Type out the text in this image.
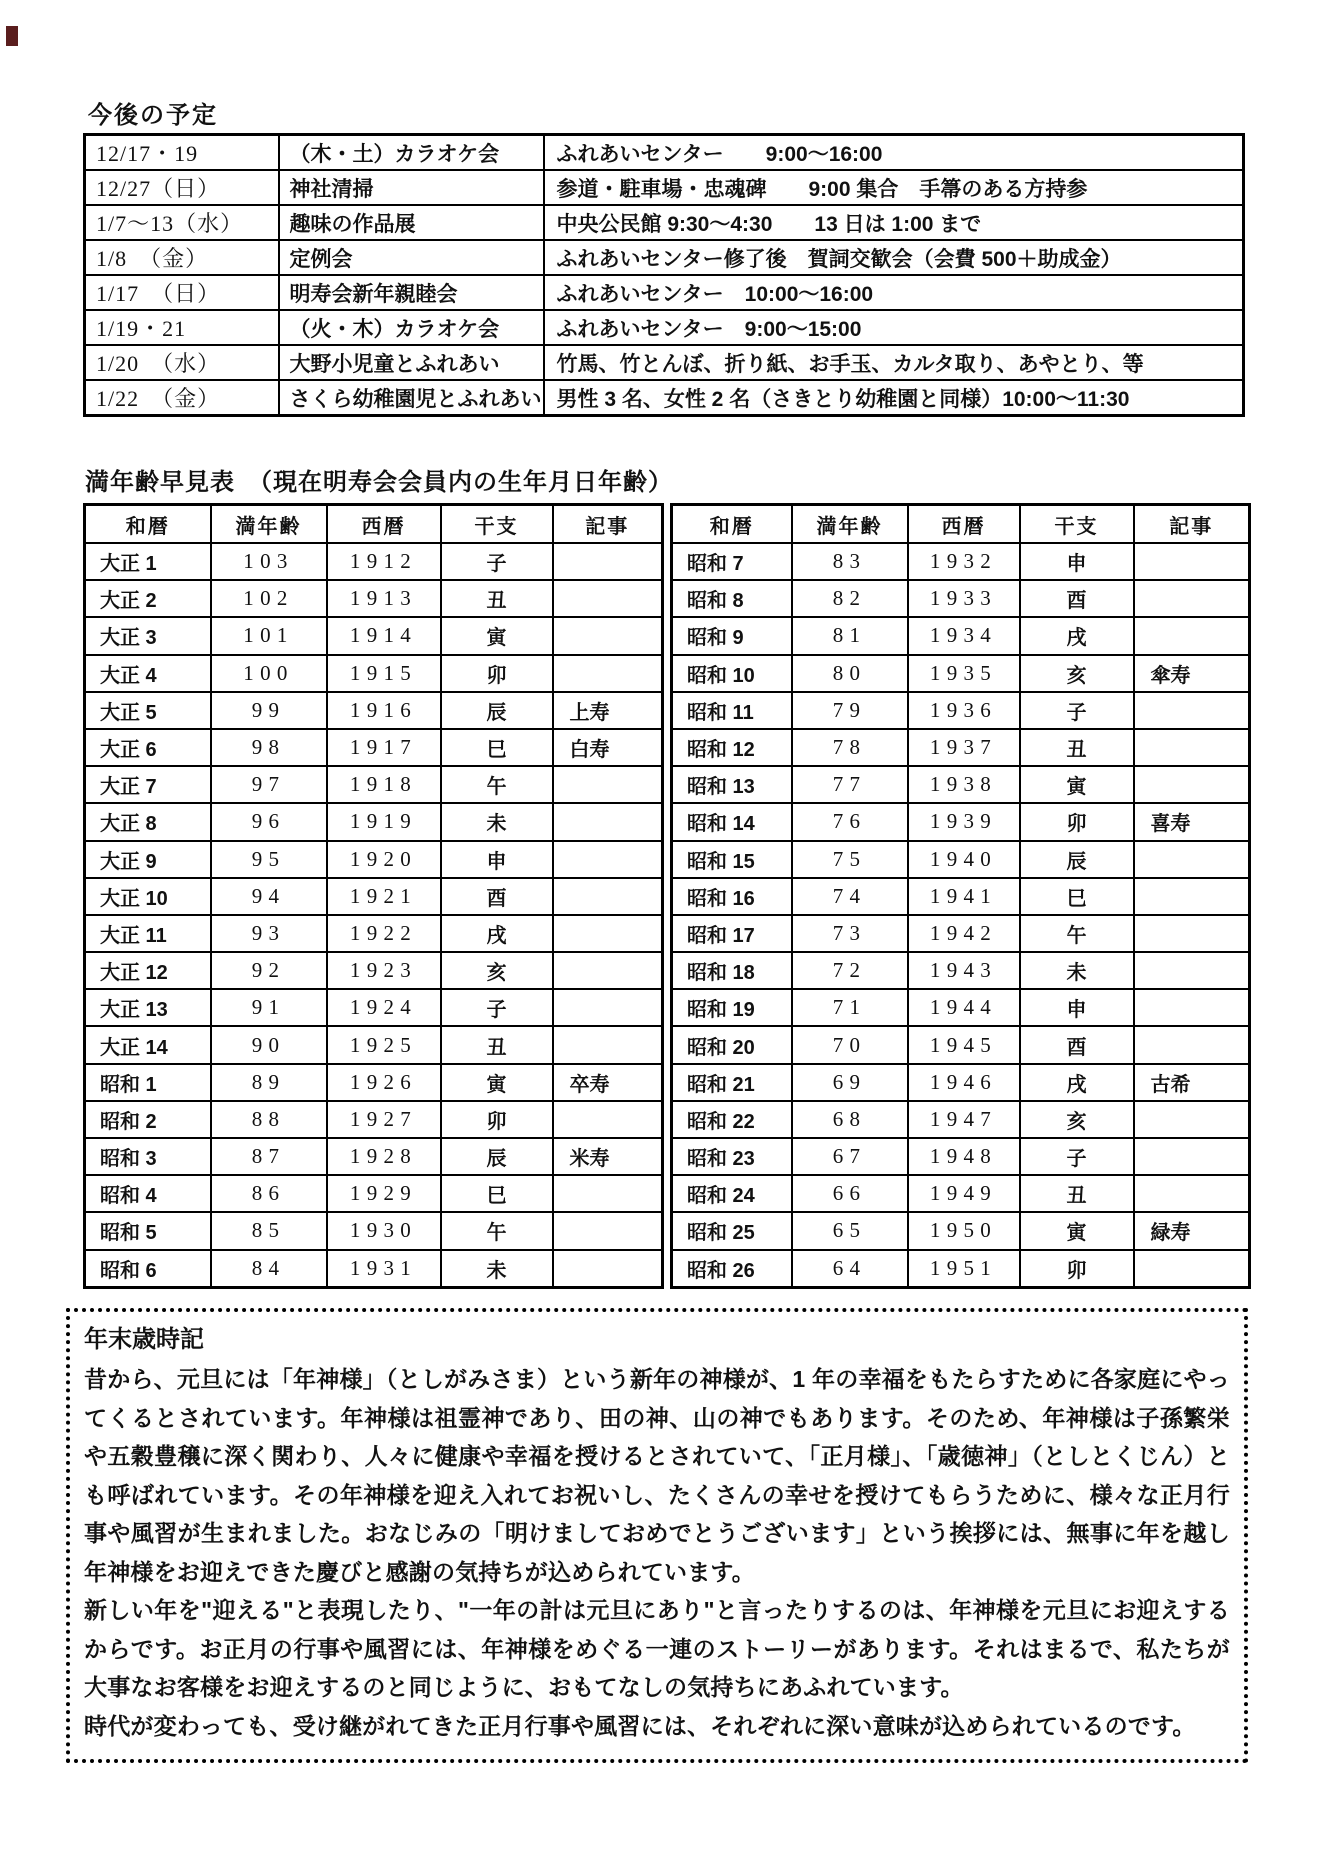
今後の予定
12/17・19	（木・土）カラオケ会	ふれあいセンター　　9:00～16:00
12/27（日）	神社清掃	参道・駐車場・忠魂碑　　9:00 集合　手箒のある方持参
1/7～13（水）	趣味の作品展	中央公民館 9:30～4:30　　13 日は 1:00 まで
1/8　（金）	定例会	ふれあいセンター修了後　賀詞交歓会（会費 500＋助成金）
1/17　（日）	明寿会新年親睦会	ふれあいセンター　10:00～16:00
1/19・21	（火・木）カラオケ会	ふれあいセンター　9:00～15:00
1/20　（水）	大野小児童とふれあい	竹馬、竹とんぼ、折り紙、お手玉、カルタ取り、あやとり、等
1/22　（金）	さくら幼稚園児とふれあい	男性 3 名、女性 2 名（さきとり幼稚園と同様）10:00～11:30
満年齢早見表　（現在明寿会会員内の生年月日年齢）
和暦	満年齢	西暦	干支	記事
大正 1	103	1912	子	
大正 2	102	1913	丑	
大正 3	101	1914	寅	
大正 4	100	1915	卯	
大正 5	99	1916	辰	上寿
大正 6	98	1917	巳	白寿
大正 7	97	1918	午	
大正 8	96	1919	未	
大正 9	95	1920	申	
大正 10	94	1921	酉	
大正 11	93	1922	戌	
大正 12	92	1923	亥	
大正 13	91	1924	子	
大正 14	90	1925	丑	
昭和 1	89	1926	寅	卒寿
昭和 2	88	1927	卯	
昭和 3	87	1928	辰	米寿
昭和 4	86	1929	巳	
昭和 5	85	1930	午	
昭和 6	84	1931	未	
和暦	満年齢	西暦	干支	記事
昭和 7	83	1932	申	
昭和 8	82	1933	酉	
昭和 9	81	1934	戌	
昭和 10	80	1935	亥	傘寿
昭和 11	79	1936	子	
昭和 12	78	1937	丑	
昭和 13	77	1938	寅	
昭和 14	76	1939	卯	喜寿
昭和 15	75	1940	辰	
昭和 16	74	1941	巳	
昭和 17	73	1942	午	
昭和 18	72	1943	未	
昭和 19	71	1944	申	
昭和 20	70	1945	酉	
昭和 21	69	1946	戌	古希
昭和 22	68	1947	亥	
昭和 23	67	1948	子	
昭和 24	66	1949	丑	
昭和 25	65	1950	寅	緑寿
昭和 26	64	1951	卯	
年末歳時記

昔から、元旦には「年神様」（としがみさま）という新年の神様が、1 年の幸福をもたらすために各家庭にやってくるとされています。年神様は祖霊神であり、田の神、山の神でもあります。そのため、年神様は子孫繁栄や五穀豊穣に深く関わり、人々に健康や幸福を授けるとされていて、「正月様」、「歳徳神」（としとくじん）とも呼ばれています。その年神様を迎え入れてお祝いし、たくさんの幸せを授けてもらうために、様々な正月行事や風習が生まれました。おなじみの「明けましておめでとうございます」という挨拶には、無事に年を越し年神様をお迎えできた慶びと感謝の気持ちが込められています。

新しい年を"迎える"と表現したり、"一年の計は元旦にあり"と言ったりするのは、年神様を元旦にお迎えするからです。お正月の行事や風習には、年神様をめぐる一連のストーリーがあります。それはまるで、私たちが大事なお客様をお迎えするのと同じように、おもてなしの気持ちにあふれています。

時代が変わっても、受け継がれてきた正月行事や風習には、それぞれに深い意味が込められているのです。
